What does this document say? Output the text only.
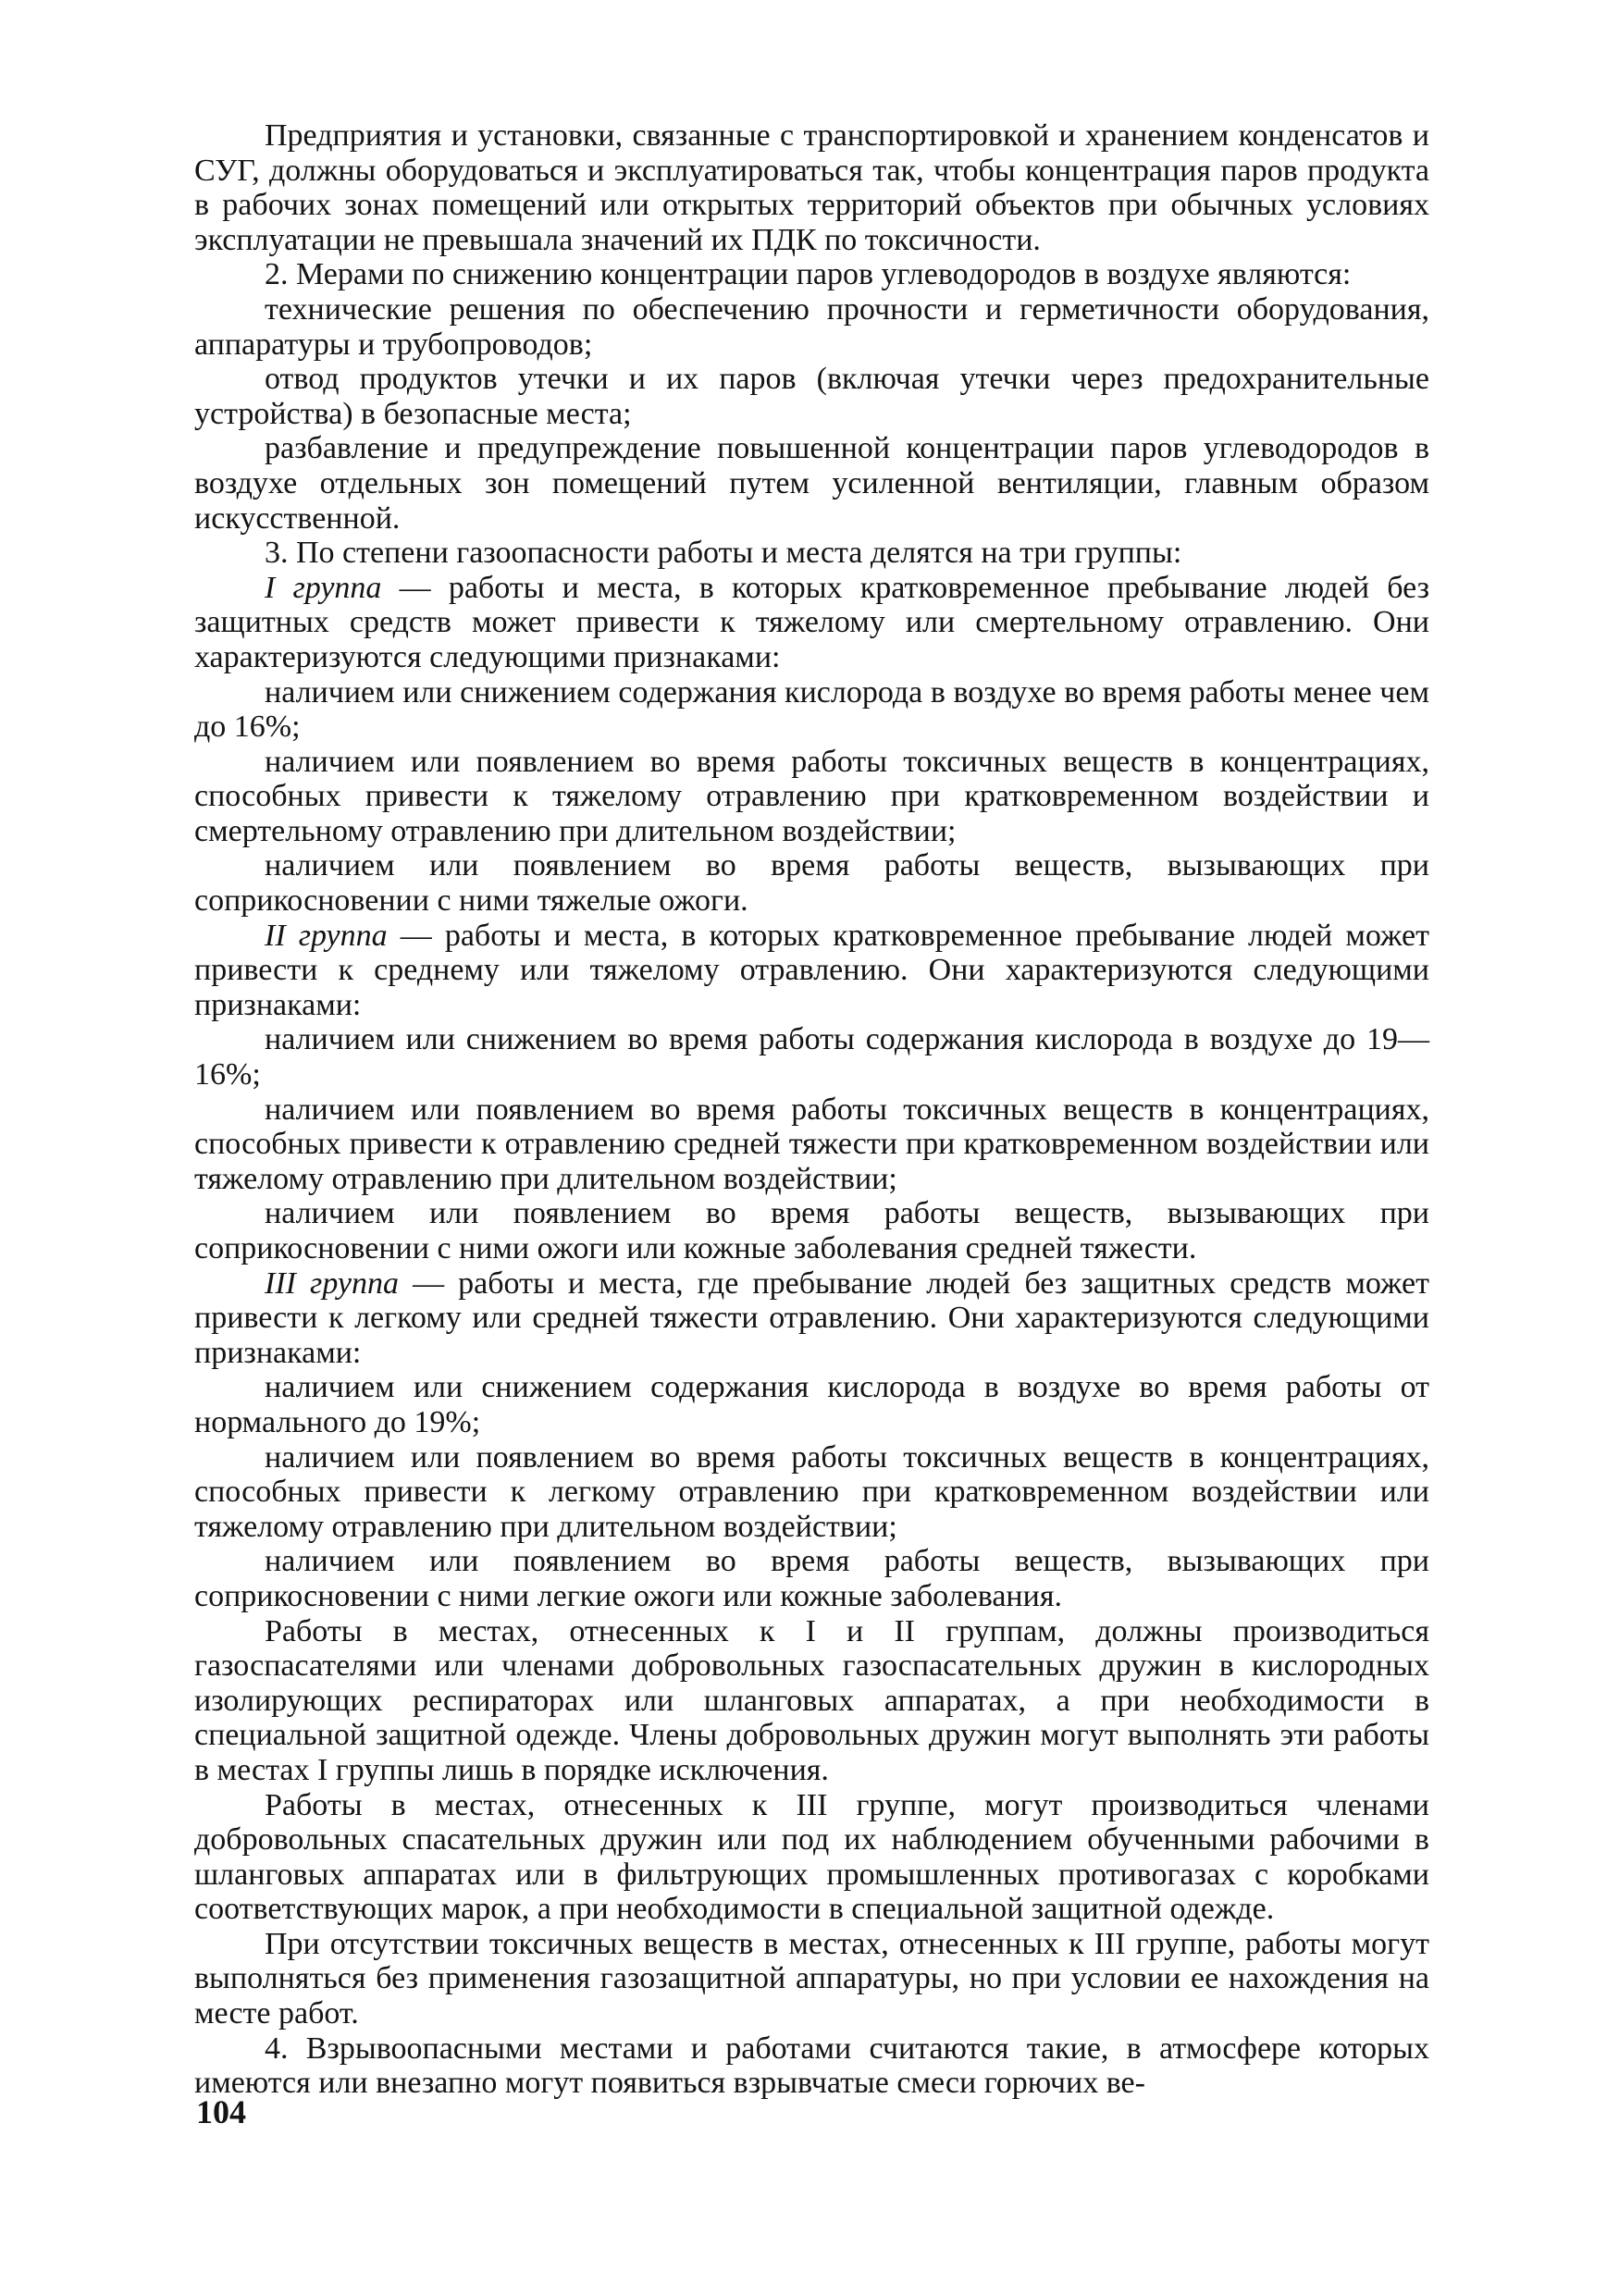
Предприятия и установки, связанные с транспортировкой и хранением конденсатов и СУГ, должны оборудоваться и эксплуатироваться так, чтобы концентрация паров продукта в рабочих зонах помещений или открытых территорий объектов при обычных условиях эксплуатации не превышала значений их ПДК по токсичности.

2. Мерами по снижению концентрации паров углеводородов в воздухе являются:

технические решения по обеспечению прочности и герметичности оборудования, аппаратуры и трубопроводов;

отвод продуктов утечки и их паров (включая утечки через предохранительные устройства) в безопасные места;

разбавление и предупреждение повышенной концентрации паров углеводородов в воздухе отдельных зон помещений путем усиленной вентиляции, главным образом искусственной.

3. По степени газоопасности работы и места делятся на три группы:

I группа — работы и места, в которых кратковременное пребывание людей без защитных средств может привести к тяжелому или смертельному отравлению. Они характеризуются следующими признаками:

наличием или снижением содержания кислорода в воздухе во время работы менее чем до 16%;

наличием или появлением во время работы токсичных веществ в концентрациях, способных привести к тяжелому отравлению при кратковременном воздействии и смертельному отравлению при длительном воздействии;

наличием или появлением во время работы веществ, вызывающих при соприкосновении с ними тяжелые ожоги.

II группа — работы и места, в которых кратковременное пребывание людей может привести к среднему или тяжелому отравлению. Они характеризуются следующими признаками:

наличием или снижением во время работы содержания кислорода в воздухе до 19—16%;

наличием или появлением во время работы токсичных веществ в концентрациях, способных привести к отравлению средней тяжести при кратковременном воздействии или тяжелому отравлению при длительном воздействии;

наличием или появлением во время работы веществ, вызывающих при соприкосновении с ними ожоги или кожные заболевания средней тяжести.

III группа — работы и места, где пребывание людей без защитных средств может привести к легкому или средней тяжести отравлению. Они характеризуются следующими признаками:

наличием или снижением содержания кислорода в воздухе во время работы от нормального до 19%;

наличием или появлением во время работы токсичных веществ в концентрациях, способных привести к легкому отравлению при кратковременном воздействии или тяжелому отравлению при длительном воздействии;

наличием или появлением во время работы веществ, вызывающих при соприкосновении с ними легкие ожоги или кожные заболевания.

Работы в местах, отнесенных к I и II группам, должны производиться газоспасателями или членами добровольных газоспасательных дружин в кислородных изолирующих респираторах или шланговых аппаратах, а при необходимости в специальной защитной одежде. Члены добровольных дружин могут выполнять эти работы в местах I группы лишь в порядке исключения.

Работы в местах, отнесенных к III группе, могут производиться членами добровольных спасательных дружин или под их наблюдением обученными рабочими в шланговых аппаратах или в фильтрующих промышленных противогазах с коробками соответствующих марок, а при необходимости в специальной защитной одежде.

При отсутствии токсичных веществ в местах, отнесенных к III группе, работы могут выполняться без применения газозащитной аппаратуры, но при условии ее нахождения на месте работ.

4. Взрывоопасными местами и работами считаются такие, в атмосфере которых имеются или внезапно могут появиться взрывчатые смеси горючих ве-

104
